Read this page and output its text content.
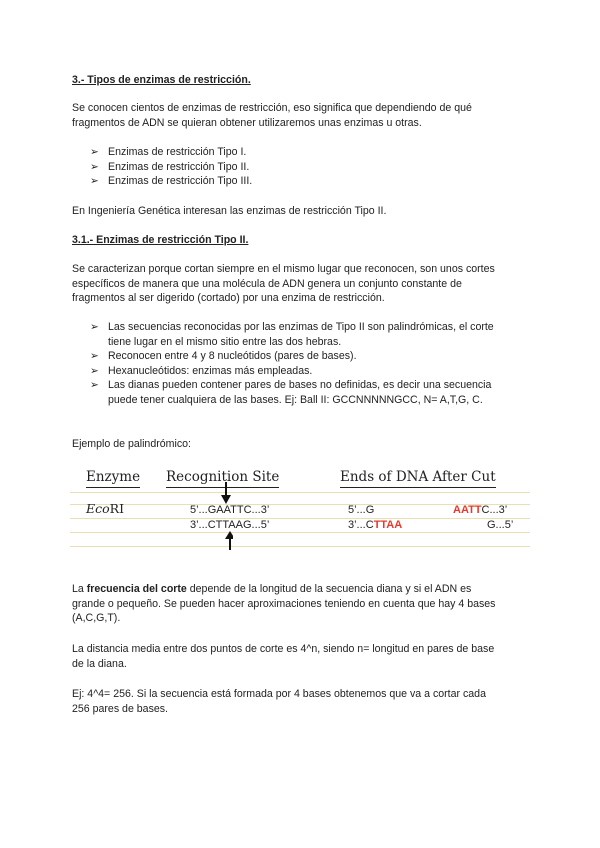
3.- Tipos de enzimas de restricción.
Se conocen cientos de enzimas de restricción, eso significa que dependiendo de qué
fragmentos de ADN se quieran obtener utilizaremos unas enzimas u otras.
➢ Enzimas de restricción Tipo I.
➢ Enzimas de restricción Tipo II.
➢ Enzimas de restricción Tipo III.
En Ingeniería Genética interesan las enzimas de restricción Tipo II.
3.1.- Enzimas de restricción Tipo II.
Se caracterizan porque cortan siempre en el mismo lugar que reconocen, son unos cortes
específicos de manera que una molécula de ADN genera un conjunto constante de
fragmentos al ser digerido (cortado) por una enzima de restricción.
➢ Las secuencias reconocidas por las enzimas de Tipo II son palindrómicas, el corte
tiene lugar en el mismo sitio entre las dos hebras.
➢ Reconocen entre 4 y 8 nucleótidos (pares de bases).
➢ Hexanucleótidos: enzimas más empleadas.
➢ Las dianas pueden contener pares de bases no definidas, es decir una secuencia
puede tener cualquiera de las bases. Ej: Ball II: GCCNNNNNGCC, N= A,T,G, C.
Ejemplo de palindrómico:
Enzyme Recognition Site	Ends of DNA After Cut
EcoRI	5’...GAATTC...3’
3’...CTTAAG...5’
5’...G
3’...CTTAA
AATTC...3’
G...5’
La frecuencia del corte depende de la longitud de la secuencia diana y si el ADN es
grande o pequeño. Se pueden hacer aproximaciones teniendo en cuenta que hay 4 bases
(A,C,G,T).
La distancia media entre dos puntos de corte es 4^n, siendo n= longitud en pares de base
de la diana.
Ej: 4^4= 256. Si la secuencia está formada por 4 bases obtenemos que va a cortar cada
256 pares de bases.
